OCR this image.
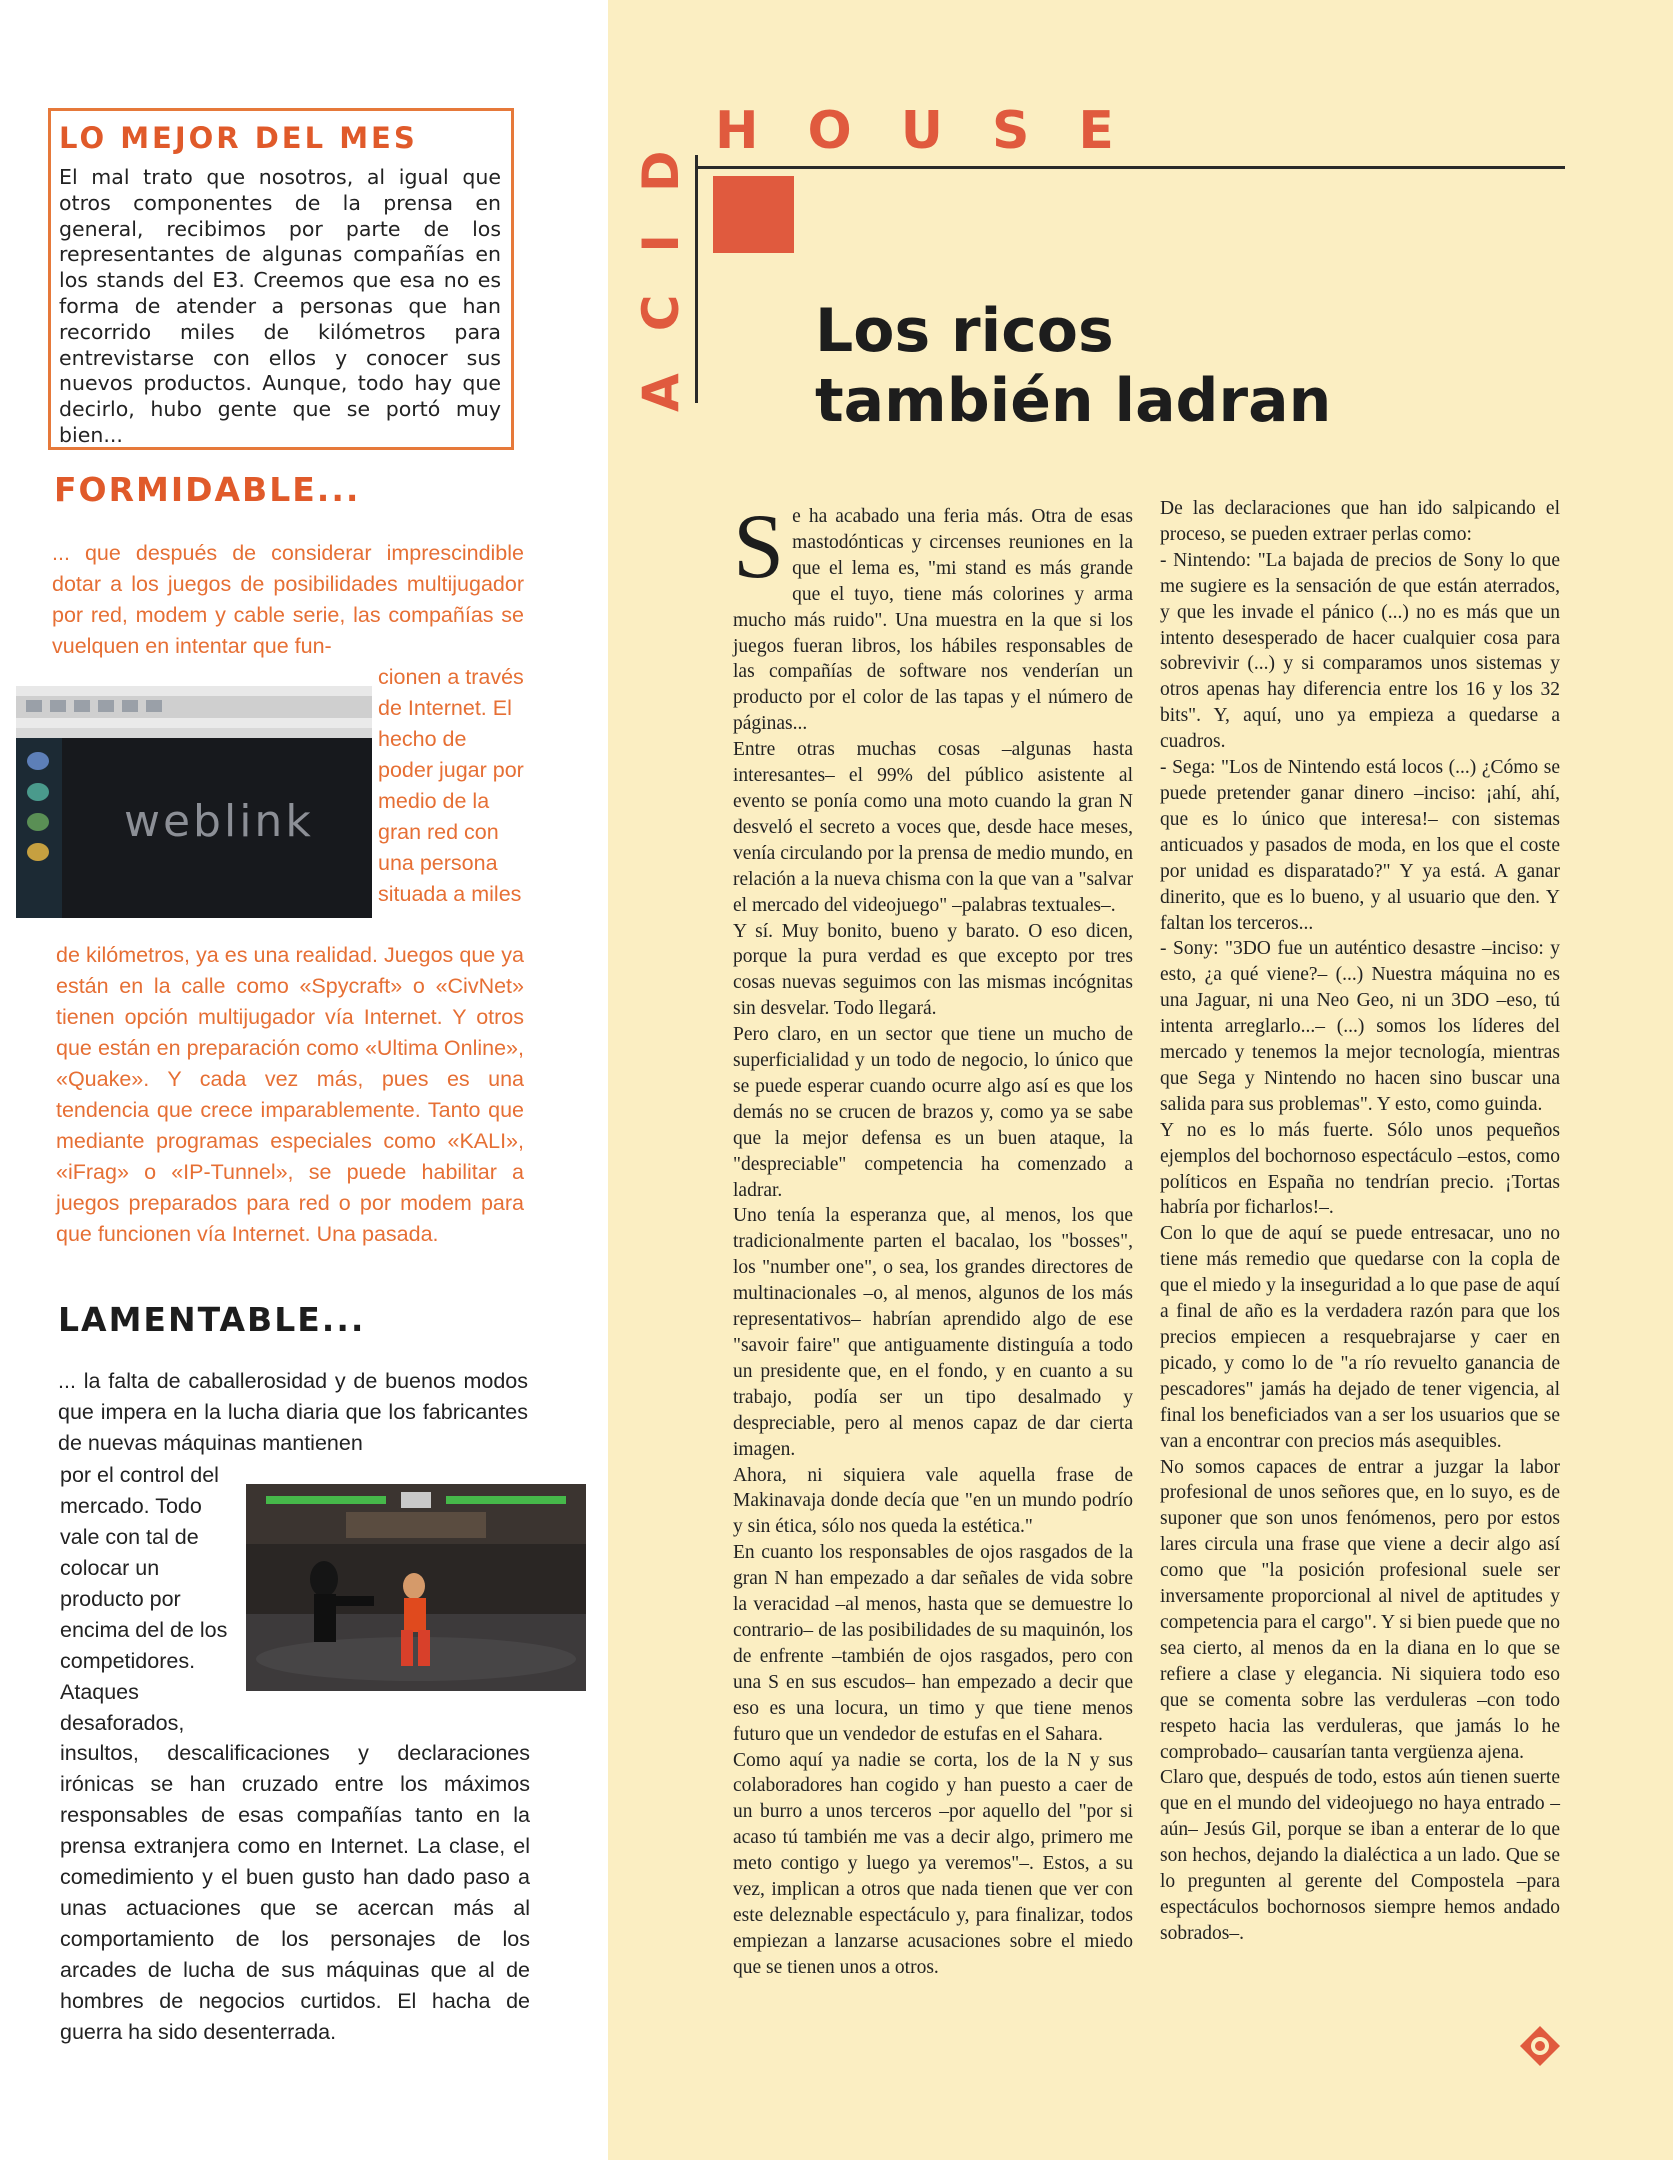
LO MEJOR DEL MES

El mal trato que nosotros, al igual que otros componentes de la prensa en general, recibimos por parte de los representantes de algunas compañías en los stands del E3. Creemos que esa no es forma de atender a personas que han recorrido miles de kilómetros para entrevistarse con ellos y conocer sus nuevos productos. Aunque, todo hay que decirlo, hubo gente que se portó muy bien...

FORMIDABLE...

... que después de considerar imprescindible dotar a los juegos de posibilidades multijugador por red, modem y cable serie, las compañías se vuelquen en intentar que fun-

cionen a través de Internet. El hecho de poder jugar por medio de la gran red con una persona situada a miles

de kilómetros, ya es una realidad. Juegos que ya están en la calle como «Spycraft» o «CivNet» tienen opción multijugador vía Internet. Y otros que están en preparación como «Ultima Online», «Quake». Y cada vez más, pues es una tendencia que crece imparablemente. Tanto que mediante programas especiales como «KALI», «iFrag» o «IP-Tunnel», se puede habilitar a juegos preparados para red o por modem para que funcionen vía Internet. Una pasada.

weblink
LAMENTABLE...

... la falta de caballerosidad y de buenos modos que impera en la lucha diaria que los fabricantes de nuevas máquinas mantienen

por el control del mercado. Todo vale con tal de colocar un producto por encima del de los competidores. Ataques desaforados,

insultos, descalificaciones y declaraciones irónicas se han cruzado entre los máximos responsables de esas compañías tanto en la prensa extranjera como en Internet. La clase, el comedimiento y el buen gusto han dado paso a unas actuaciones que se acercan más al comportamiento de los personajes de los arcades de lucha de sus máquinas que al de hombres de negocios curtidos. El hacha de guerra ha sido desenterrada.

ACID HOUSE
Los ricos
también ladran
S e ha acabado una feria más. Otra de esas mastodónticas y circenses reuniones en la que el lema es, "mi stand es más grande que el tuyo, tiene más colorines y arma mucho más ruido". Una muestra en la que si los juegos fueran libros, los hábiles responsables de las compañías de software nos venderían un producto por el color de las tapas y el número de páginas...
Entre otras muchas cosas –algunas hasta interesantes– el 99% del público asistente al evento se ponía como una moto cuando la gran N desveló el secreto a voces que, desde hace meses, venía circulando por la prensa de medio mundo, en relación a la nueva chisma con la que van a "salvar el mercado del videojuego" –palabras textuales–.
Y sí. Muy bonito, bueno y barato. O eso dicen, porque la pura verdad es que excepto por tres cosas nuevas seguimos con las mismas incógnitas sin desvelar. Todo llegará.
Pero claro, en un sector que tiene un mucho de superficialidad y un todo de negocio, lo único que se puede esperar cuando ocurre algo así es que los demás no se crucen de brazos y, como ya se sabe que la mejor defensa es un buen ataque, la "despreciable" competencia ha comenzado a ladrar.
Uno tenía la esperanza que, al menos, los que tradicionalmente parten el bacalao, los "bosses", los "number one", o sea, los grandes directores de multinacionales –o, al menos, algunos de los más representativos– habrían aprendido algo de ese "savoir faire" que antiguamente distinguía a todo un presidente que, en el fondo, y en cuanto a su trabajo, podía ser un tipo desalmado y despreciable, pero al menos capaz de dar cierta imagen.
Ahora, ni siquiera vale aquella frase de Makinavaja donde decía que "en un mundo podrío y sin ética, sólo nos queda la estética."
En cuanto los responsables de ojos rasgados de la gran N han empezado a dar señales de vida sobre la veracidad –al menos, hasta que se demuestre lo contrario– de las posibilidades de su maquinón, los de enfrente –también de ojos rasgados, pero con una S en sus escudos– han empezado a decir que eso es una locura, un timo y que tiene menos futuro que un vendedor de estufas en el Sahara.
Como aquí ya nadie se corta, los de la N y sus colaboradores han cogido y han puesto a caer de un burro a unos terceros –por aquello del "por si acaso tú también me vas a decir algo, primero me meto contigo y luego ya veremos"–. Estos, a su vez, implican a otros que nada tienen que ver con este deleznable espectáculo y, para finalizar, todos empiezan a lanzarse acusaciones sobre el miedo que se tienen unos a otros.
De las declaraciones que han ido salpicando el proceso, se pueden extraer perlas como:
- Nintendo: "La bajada de precios de Sony lo que me sugiere es la sensación de que están aterrados, y que les invade el pánico (...) no es más que un intento desesperado de hacer cualquier cosa para sobrevivir (...) y si comparamos unos sistemas y otros apenas hay diferencia entre los 16 y los 32 bits". Y, aquí, uno ya empieza a quedarse a cuadros.
- Sega: "Los de Nintendo está locos (...) ¿Cómo se puede pretender ganar dinero –inciso: ¡ahí, ahí, que es lo único que interesa!– con sistemas anticuados y pasados de moda, en los que el coste por unidad es disparatado?" Y ya está. A ganar dinerito, que es lo bueno, y al usuario que den. Y faltan los terceros...
- Sony: "3DO fue un auténtico desastre –inciso: y esto, ¿a qué viene?– (...) Nuestra máquina no es una Jaguar, ni una Neo Geo, ni un 3DO –eso, tú intenta arreglarlo...– (...) somos los líderes del mercado y tenemos la mejor tecnología, mientras que Sega y Nintendo no hacen sino buscar una salida para sus problemas". Y esto, como guinda.
Y no es lo más fuerte. Sólo unos pequeños ejemplos del bochornoso espectáculo –estos, como políticos en España no tendrían precio. ¡Tortas habría por ficharlos!–.
Con lo que de aquí se puede entresacar, uno no tiene más remedio que quedarse con la copla de que el miedo y la inseguridad a lo que pase de aquí a final de año es la verdadera razón para que los precios empiecen a resquebrajarse y caer en picado, y como lo de "a río revuelto ganancia de pescadores" jamás ha dejado de tener vigencia, al final los beneficiados van a ser los usuarios que se van a encontrar con precios más asequibles.
No somos capaces de entrar a juzgar la labor profesional de unos señores que, en lo suyo, es de suponer que son unos fenómenos, pero por estos lares circula una frase que viene a decir algo así como que "la posición profesional suele ser inversamente proporcional al nivel de aptitudes y competencia para el cargo". Y si bien puede que no sea cierto, al menos da en la diana en lo que se refiere a clase y elegancia. Ni siquiera todo eso que se comenta sobre las verduleras –con todo respeto hacia las verduleras, que jamás lo he comprobado– causarían tanta vergüenza ajena.
Claro que, después de todo, estos aún tienen suerte que en el mundo del videojuego no haya entrado –aún– Jesús Gil, porque se iban a enterar de lo que son hechos, dejando la dialéctica a un lado. Que se lo pregunten al gerente del Compostela –para espectáculos bochornosos siempre hemos andado sobrados–.
